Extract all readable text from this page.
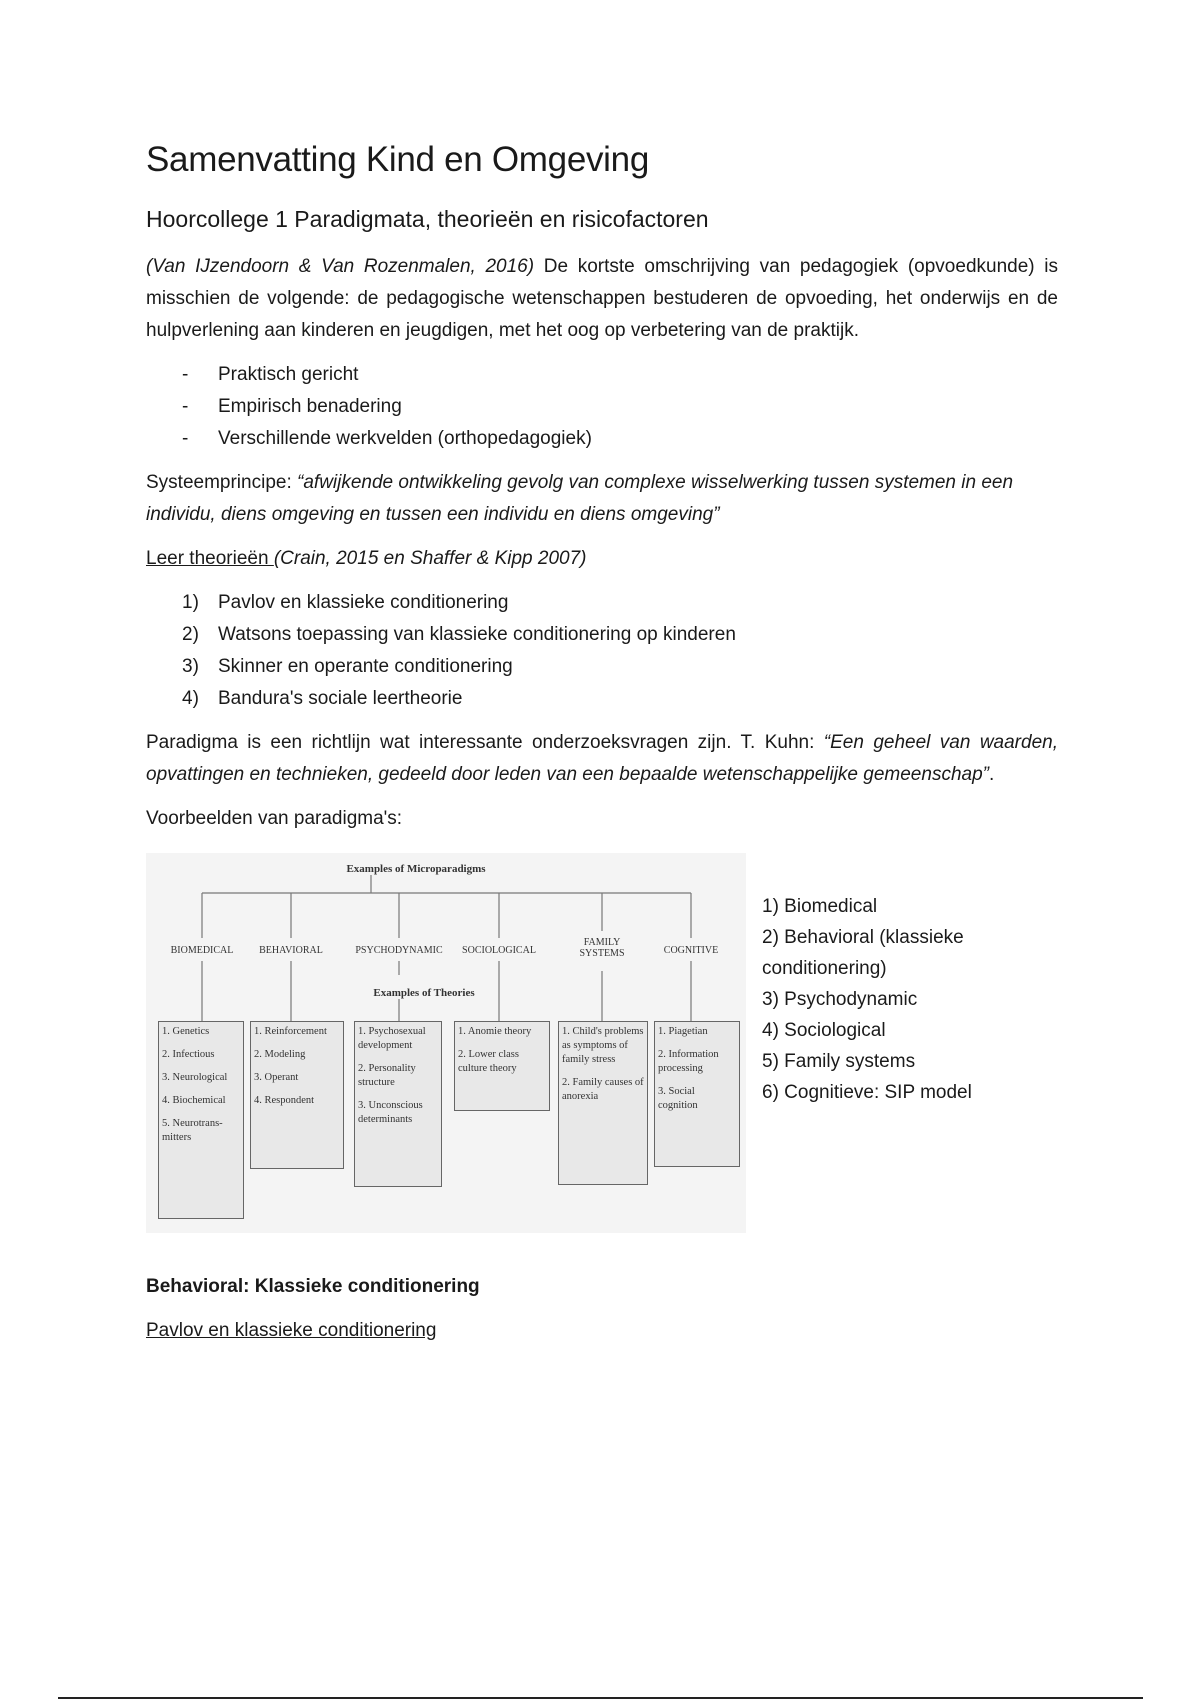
Samenvatting Kind en Omgeving
Hoorcollege 1 Paradigmata, theorieën en risicofactoren

(Van IJzendoorn & Van Rozenmalen, 2016) De kortste omschrijving van pedagogiek (opvoedkunde) is misschien de volgende: de pedagogische wetenschappen bestuderen de opvoeding, het onderwijs en de hulpverlening aan kinderen en jeugdigen, met het oog op verbetering van de praktijk.

-	Praktisch gericht
-	Empirisch benadering
-	Verschillende werkvelden (orthopedagogiek)

Systeemprincipe: “afwijkende ontwikkeling gevolg van complexe wisselwerking tussen systemen in een individu, diens omgeving en tussen een individu en diens omgeving”

Leer theorieën (Crain, 2015 en Shaffer & Kipp 2007)

1)	Pavlov en klassieke conditionering
2)	Watsons toepassing van klassieke conditionering op kinderen
3)	Skinner en operante conditionering
4)	Bandura's sociale leertheorie

Paradigma is een richtlijn wat interessante onderzoeksvragen zijn. T. Kuhn: “Een geheel van waarden, opvattingen en technieken, gedeeld door leden van een bepaalde wetenschappelijke gemeenschap”.

Voorbeelden van paradigma's:

Examples of Microparadigms
BIOMEDICAL	BEHAVIORAL	PSYCHODYNAMIC	SOCIOLOGICAL
FAMILY SYSTEMS	COGNITIVE
Examples of Theories
1. Genetics
2. Infectious
3. Neurological
4. Biochemical
5. Neurotrans-mitters
1. Reinforcement
2. Modeling
3. Operant
4. Respondent
1. Psychosexual development
2. Personality structure
3. Unconscious determinants
1. Anomie theory
2. Lower class culture theory
1. Child's problems as symptoms of family stress
2. Family causes of anorexia
1. Piagetian
2. Information processing
3. Social cognition
1) Biomedical
2) Behavioral (klassieke conditionering)
3) Psychodynamic
4) Sociological
5) Family systems
6) Cognitieve: SIP model

Behavioral: Klassieke conditionering

Pavlov en klassieke conditionering
